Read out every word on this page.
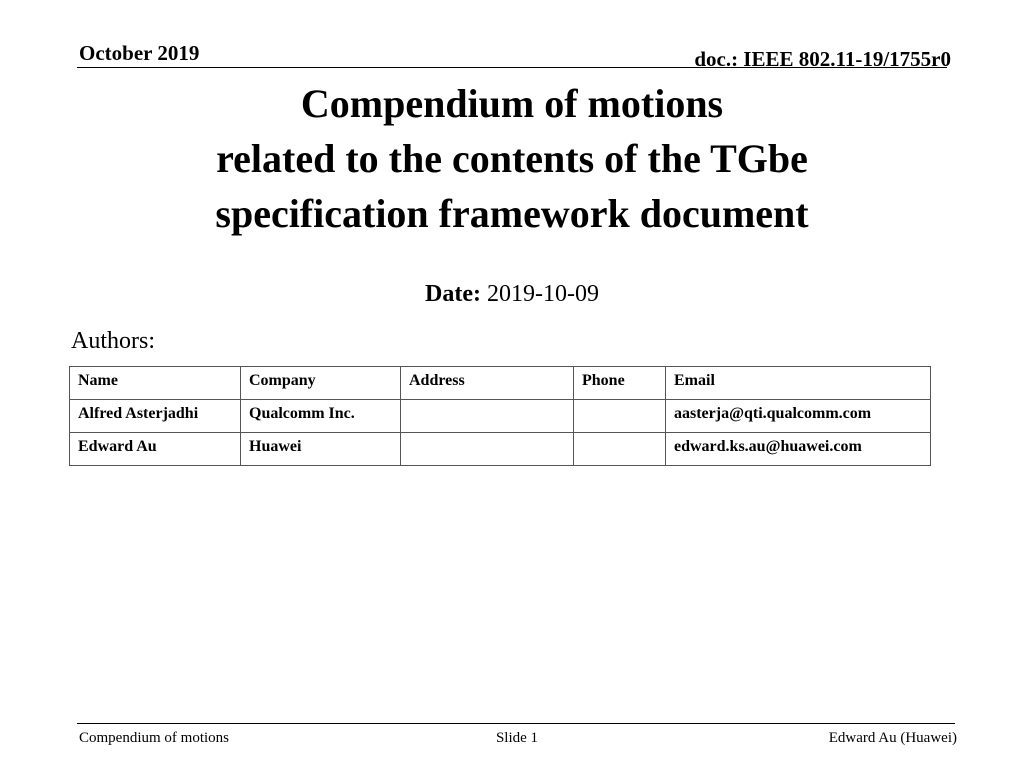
October 2019	doc.: IEEE 802.11-19/1755r0
Compendium of motions
related to the contents of the TGbe
specification framework document
Date: 2019-10-09
Authors:
Name	Company	Address	Phone	Email
Alfred Asterjadhi	Qualcomm Inc.			aasterja@qti.qualcomm.com
Edward Au	Huawei			edward.ks.au@huawei.com
Compendium of motions	Slide 1	Edward Au (Huawei)
